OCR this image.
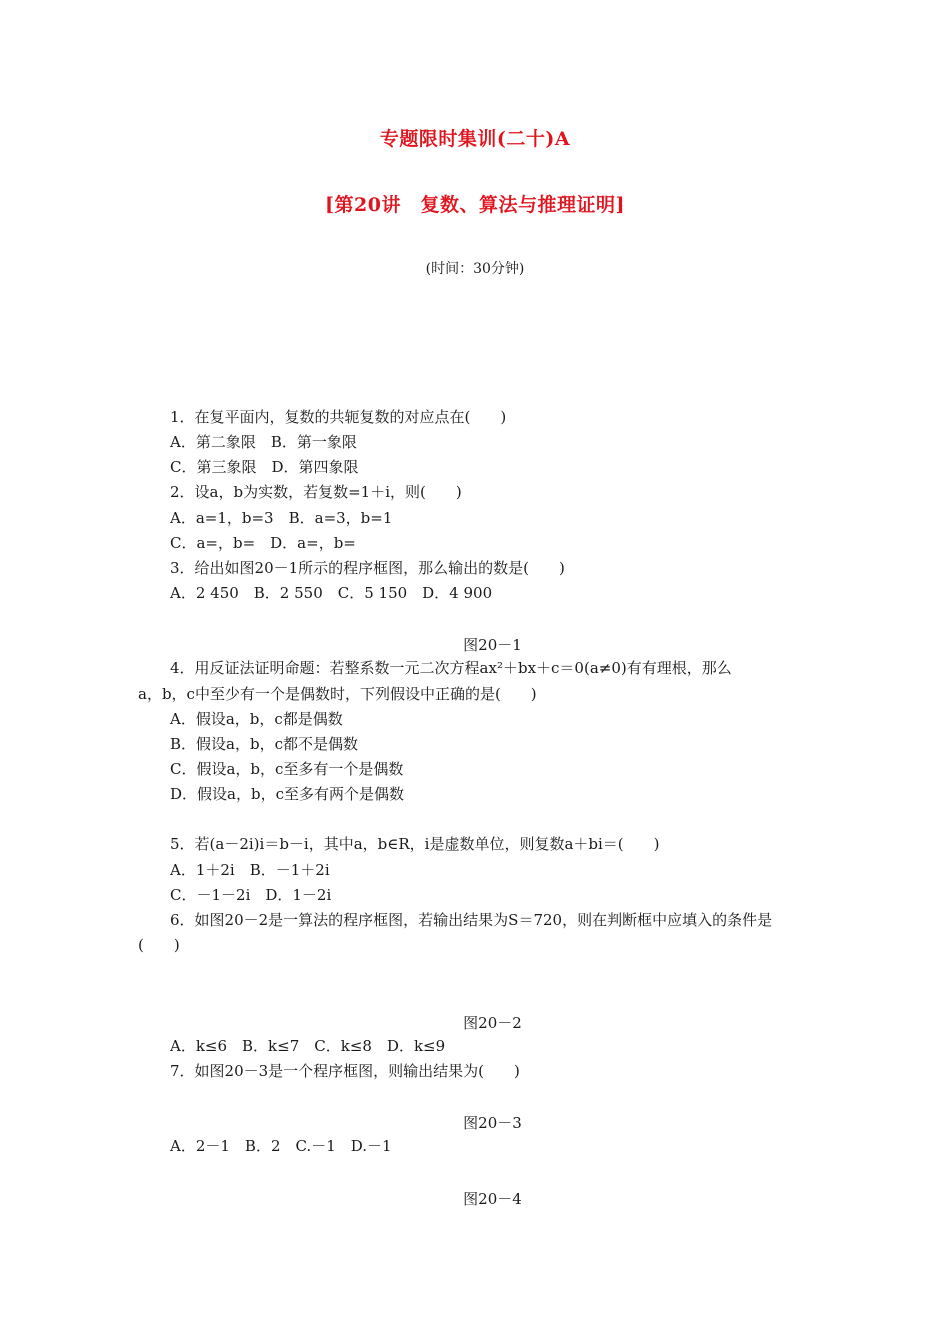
专题限时集训(二十)A
[第20讲　复数、算法与推理证明]
(时间：30分钟)
1．在复平面内，复数的共轭复数的对应点在(　　)
A．第二象限　B．第一象限
C．第三象限　D．第四象限
2．设a，b为实数，若复数=1＋i，则(　　)
A．a=1，b=3　B．a=3，b=1
C．a=，b=　D．a=，b=
3．给出如图20－1所示的程序框图，那么输出的数是(　　)
A．2 450　B．2 550　C．5 150　D．4 900
图20－1
4．用反证法证明命题：若整系数一元二次方程ax²＋bx＋c＝0(a≠0)有有理根，那么
a，b，c中至少有一个是偶数时，下列假设中正确的是(　　)
A．假设a，b，c都是偶数
B．假设a，b，c都不是偶数
C．假设a，b，c至多有一个是偶数
D．假设a，b，c至多有两个是偶数
5．若(a－2i)i＝b－i，其中a，b∈R，i是虚数单位，则复数a＋bi＝(　　)
A．1＋2i　B．－1＋2i
C．－1－2i　D．1－2i
6．如图20－2是一算法的程序框图，若输出结果为S＝720，则在判断框中应填入的条件是
(　　)
图20－2
A．k≤6　B．k≤7　C．k≤8　D．k≤9
7．如图20－3是一个程序框图，则输出结果为(　　)
图20－3
A．2－1　B．2　C.－1　D.－1
图20－4
